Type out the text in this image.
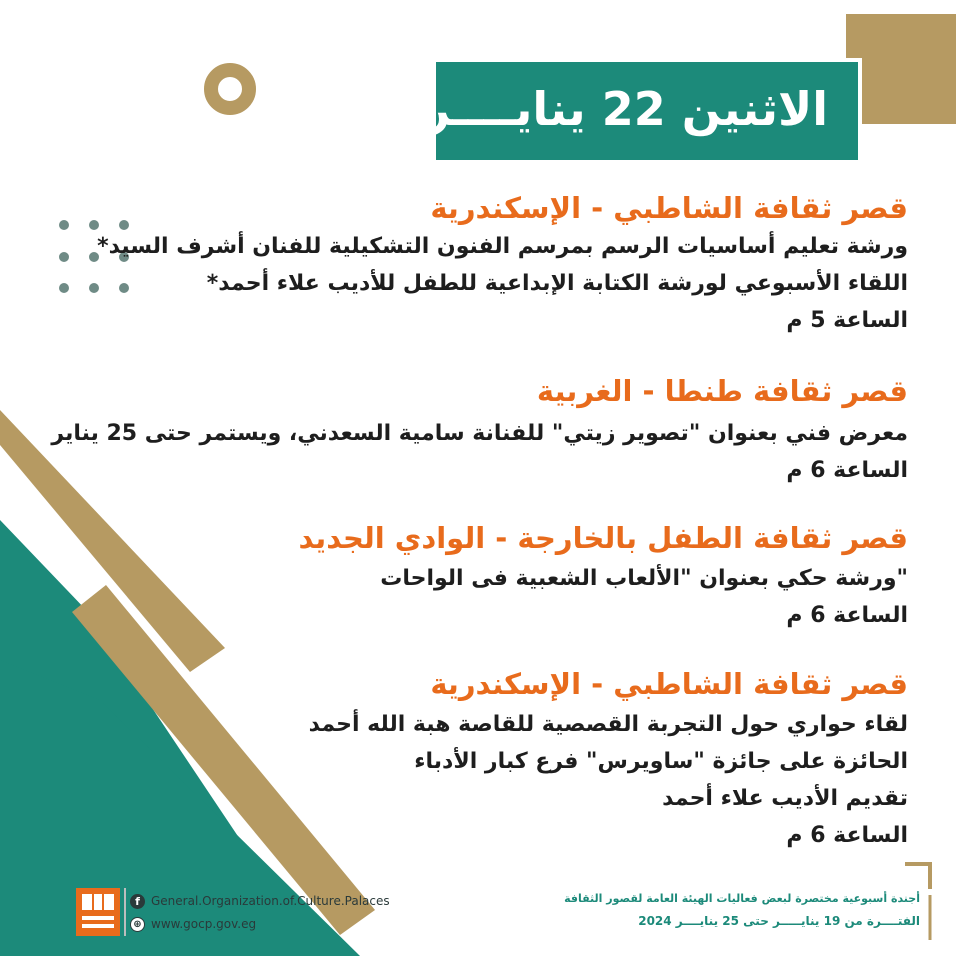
الاثنين 22 ينايــــر
قصر ثقافة الشاطبي - الإسكندرية
ورشة تعليم أساسيات الرسم بمرسم الفنون التشكيلية للفنان أشرف السيد*
اللقاء الأسبوعي لورشة الكتابة الإبداعية للطفل للأديب علاء أحمد*
الساعة 5 م
قصر ثقافة طنطا - الغربية
معرض فني بعنوان "تصوير زيتي" للفنانة سامية السعدني، ويستمر حتى 25 يناير
الساعة 6 م
قصر ثقافة الطفل بالخارجة - الوادي الجديد
"ورشة حكي بعنوان "الألعاب الشعبية فى الواحات
الساعة 6 م
قصر ثقافة الشاطبي - الإسكندرية
لقاء حواري حول التجربة القصصية للقاصة هبة الله أحمد
الحائزة على جائزة "ساويرس" فرع كبار الأدباء
تقديم الأديب علاء أحمد
الساعة 6 م
f General.Organization.of.Culture.Palaces
⊕ www.gocp.gov.eg
أجندة أسبوعية مختصرة لبعض فعاليات الهيئة العامة لقصور الثقافة
الفتــــرة من 19 ينايـــــر حتى 25 ينايــــر 2024
